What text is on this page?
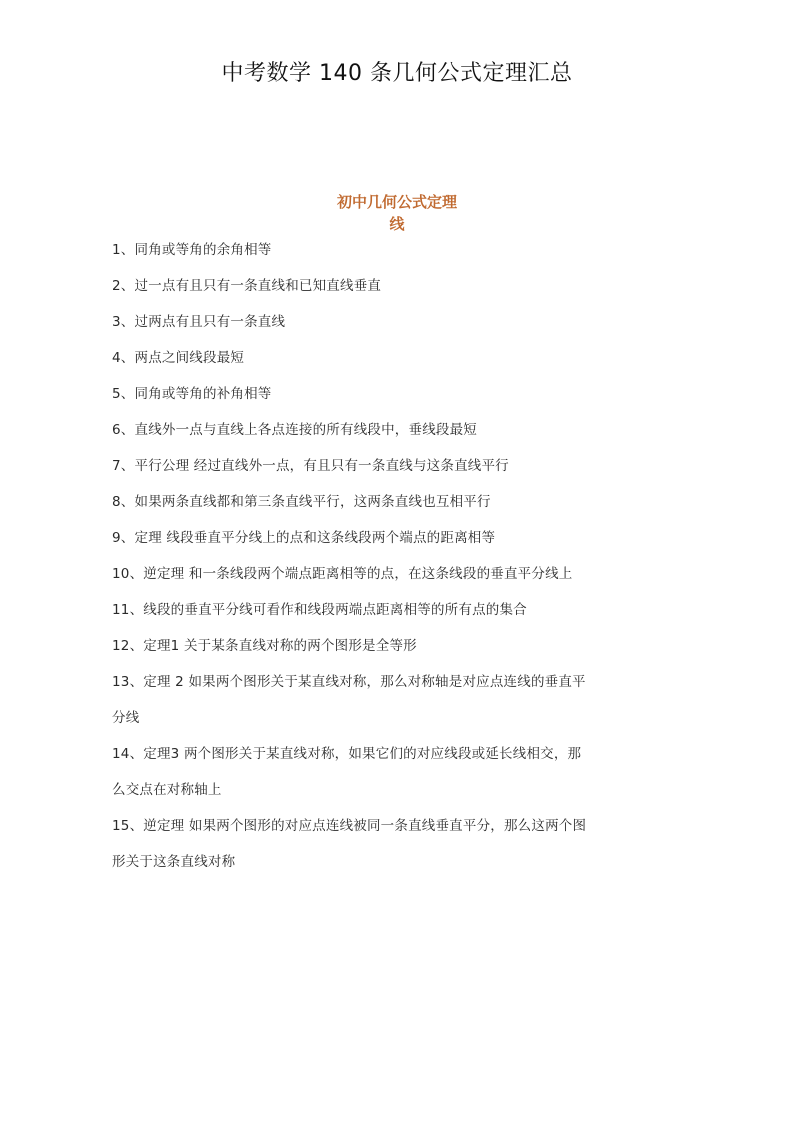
中考数学 140 条几何公式定理汇总
初中几何公式定理
线
1、同角或等角的余角相等
2、过一点有且只有一条直线和已知直线垂直
3、过两点有且只有一条直线
4、两点之间线段最短
5、同角或等角的补角相等
6、直线外一点与直线上各点连接的所有线段中，垂线段最短
7、平行公理 经过直线外一点，有且只有一条直线与这条直线平行
8、如果两条直线都和第三条直线平行，这两条直线也互相平行
9、定理 线段垂直平分线上的点和这条线段两个端点的距离相等
10、逆定理 和一条线段两个端点距离相等的点，在这条线段的垂直平分线上
11、线段的垂直平分线可看作和线段两端点距离相等的所有点的集合
12、定理1 关于某条直线对称的两个图形是全等形
13、定理 2 如果两个图形关于某直线对称，那么对称轴是对应点连线的垂直平
分线
14、定理3 两个图形关于某直线对称，如果它们的对应线段或延长线相交，那
么交点在对称轴上
15、逆定理 如果两个图形的对应点连线被同一条直线垂直平分，那么这两个图
形关于这条直线对称
